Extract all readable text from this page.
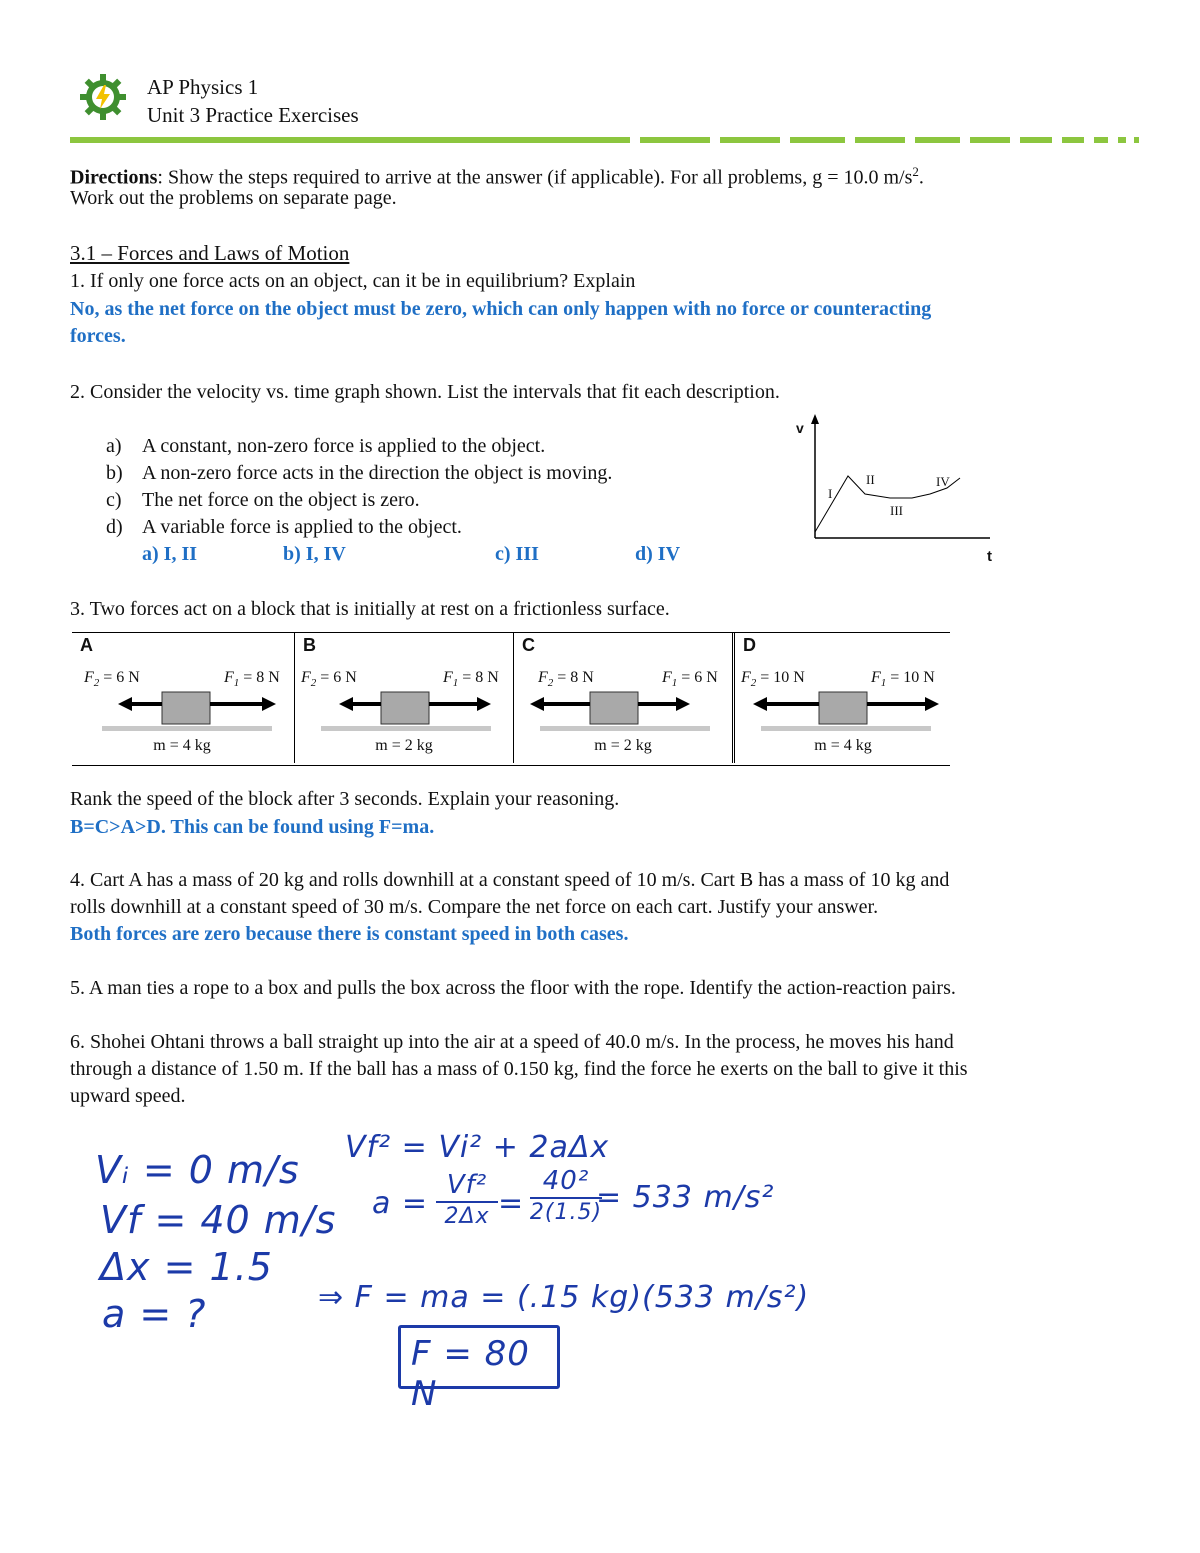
AP Physics 1
Unit 3 Practice Exercises
Directions: Show the steps required to arrive at the answer (if applicable). For all problems, g = 10.0 $m/s^2$.
Work out the problems on separate page.
3.1 – Forces and Laws of Motion
1. If only one force acts on an object, can it be in equilibrium? Explain
No, as the net force on the object must be zero, which can only happen with no force or counteracting
forces.
2. Consider the velocity vs. time graph shown. List the intervals that fit each description.
a) A constant, non-zero force is applied to the object.
b) A non-zero force acts in the direction the object is moving.
c) The net force on the object is zero.
d) A variable force is applied to the object.
a) I, II	b) I, IV	c) III	d) IV
v
t
I
II
III
IV
3. Two forces act on a block that is initially at rest on a frictionless surface.
A
$F_2 = 6$ N	$F_1 = 8$ N
m = 4 kg
B
$F_2 = 6$ N	$F_1 = 8$ N
m = 2 kg
C
$F_2 = 8$ N	$F_1 = 6$ N
m = 2 kg
D
$F_2 = 10$ N	$F_1 = 10$ N
m = 4 kg
Rank the speed of the block after 3 seconds. Explain your reasoning.
B=C>A>D. This can be found using F=ma.
4. Cart A has a mass of 20 kg and rolls downhill at a constant speed of 10 m/s. Cart B has a mass of 10 kg and
rolls downhill at a constant speed of 30 m/s. Compare the net force on each cart. Justify your answer.
Both forces are zero because there is constant speed in both cases.
5. A man ties a rope to a box and pulls the box across the floor with the rope. Identify the action-reaction pairs.
6. Shohei Ohtani throws a ball straight up into the air at a speed of 40.0 m/s. In the process, he moves his hand
through a distance of 1.50 m. If the ball has a mass of 0.150 kg, find the force he exerts on the ball to give it this
upward speed.
Vᵢ = 0 m/s
Vf = 40 m/s
Δx = 1.5
a = ?
Vf² = Vi² + 2aΔx
a =
Vf²
2Δx =
40²
2(1.5)
= 533 m/s²
⇒ F = ma = (.15 kg)(533 m/s²)
F = 80 N
